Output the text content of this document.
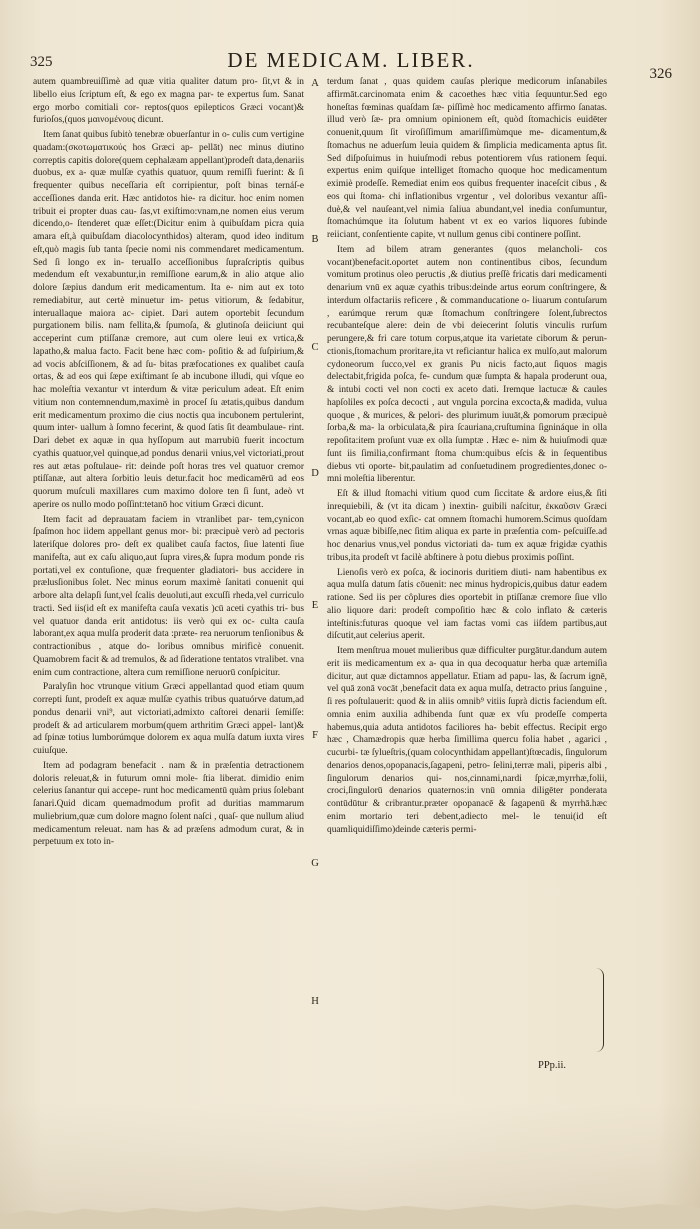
325	DE MEDICAM. LIBER.
326

autem quambreuiſſimè ad quæ vitia qualiter datum pro‑ ſit,vt & in libello eius ſcriptum eſt, & ego ex magna par‑ te expertus ſum. Sanat ergo morbo comitiali cor‑ reptos(quos epilepticos Græci vocant)& furioſos,(quos μαινομένους dicunt.

Item ſanat quibus ſubitò tenebræ obuerſantur in o‑ culis cum vertigine quadam:(σκοτωματικούς hos Græci ap‑ pellāt) nec minus diutino correptis capitis dolore(quem cephalæam appellant)prodeſt data,denariis duobus, ex a‑ quæ mulſæ cyathis quatuor, quum remiſſi fuerint: & ſi frequenter quibus neceſſaria eſt corripientur, poſt binas ternáſ‑e acceſſiones danda erit. Hæc antidotos hie‑ ra dicitur. hoc enim nomen tribuit ei propter duas cau‑ ſas,vt exiſtimo:vnam,ne nomen eius verum dicendo,o‑ ſtenderet quæ eſſet:(Dicitur enim à quibuſdam picra quia amara eſt,à quibuſdam diacolocynthidos) alteram, quod ideo inditum eſt,quò magis ſub tanta ſpecie nomi nis commendaret medicamentum. Sed ſi longo ex in‑ terualIo acceſſionibus ſupraſcriptis quibus medendum eſt vexabuntur,in remiſſione earum,& in alio atque alio dolore ſæpius dandum erit medicamentum. Ita e‑ nim aut ex toto remediabitur, aut certè minuetur im‑ petus vitiorum, & ſedabitur, interuallaque maiora ac‑ cipiet. Dari autem oportebit ſecundum purgationem bilis. nam fellita,& ſpumoſa, & glutinoſa deiiciunt qui acceperint cum ptiſſanæ cremore, aut cum olere leui ex vrtica,& lapatho,& malua facto. Facit bene hæc com‑ poſitio & ad ſuſpirium,& ad vocis abſciſſionem, & ad ſu‑ bitas præfocationes ex qualibet cauſa ortas, & ad eos qui ſæpe exiſtimant ſe ab incubone illudi, qui vſque eo hac moleſtia vexantur vt interdum & vitæ periculum adeat. Eſt enim vitium non contemnendum,maximè in proceſ ſu ætatis,quibus dandum erit medicamentum proximo die cius noctis qua incubonem pertulerint, quum inter‑ uallum à ſomno fecerint, & quod ſatis ſit deambulaue‑ rint. Dari debet ex aquæ in qua hyſſopum aut marrubiū fuerit incoctum cyathis quatuor,vel quinque,ad pondus denarii vnius,vel victoriati,prout res aut ætas poſtulaue‑ rit: deinde poſt horas tres vel quatuor cremor ptiſſanæ, aut altera ſorbitio leuis detur.facit hoc medicamērū ad eos quorum muſculi maxillares cum maximo dolore ten ſi ſunt, adeò vt aperire os nullo modo poſſint:tetanō hoc vitium Græci dicunt.

Item facit ad deprauatam faciem in vtranlibet par‑ tem,cynicon ſpaſmon hoc iidem appellant genus mor‑ bi: præcipuè verò ad pectoris lateriſque dolores pro‑ deſt ex qualibet cauſa factos, ſiue latenti ſiue manifeſta, aut ex caſu aliquo,aut ſupra vires,& ſupra modum ponde ris portati,vel ex contuſione, quæ frequenter gladiatori‑ bus accidere in prælusſionibus ſolet. Nec minus eorum maximè ſanitati conuenit qui arbore alta delapſi ſunt,vel ſcalis deuoluti,aut excuſſi rheda,vel curriculo tracti. Sed iis(id eſt ex manifeſta cauſa vexatis )cū aceti cyathis tri‑ bus vel quatuor danda erit antidotus: iis verò qui ex oc‑ culta cauſa laborant,ex aqua mulſa proderit data :præte‑ rea neruorum tenſionibus & contractionibus , atque do‑ loribus omnibus mirificè conuenit. Quamobrem facit & ad tremulos, & ad ſideratione tentatos vtralibet. vna enim cum contractione, altera cum remiſſione neruorū conſpicitur.

Paralyſin hoc vtrunque vitium Græci appellantad quod etiam quum correpti ſunt, prodeſt ex aquæ mulſæ cyathis tribus quatuórve datum,ad pondus denarii vni⁹, aut victoriati,admixto caſtorei denarii ſemiſſe: prodeſt & ad articularem morbum(quem arthritim Græci appel‑ lant)& ad ſpinæ totius lumborúmque dolorem ex aqua mulſa datum iuxta vires cuiuſque.

Item ad podagram benefacit . nam & in præſentia detractionem doloris releuat,& in futurum omni mole‑ ſtia liberat. dimidio enim celerius ſanantur qui accepe‑ runt hoc medicamentū quàm prius ſolebant ſanari.Quid dicam quemadmodum profit ad duritias mammarum muliebrium,quæ cum dolore magno ſolent naſci , quaſ‑ que nullum aliud medicamentum releuat. nam has & ad præſens admodum curat, & in perpetuum ex toto in‑

A
B
C
D
E
F
G
H

terdum ſanat , quas quidem cauſas plerique medicorum inſanabiles affirmāt.carcinomata enim & cacoethes hæc vitia ſequuntur.Sed ego honeſtas fœminas quaſdam ſæ‑ piſſimè hoc medicamento affirmo ſanatas. illud verò ſæ‑ pra omnium opinionem eſt, quòd ſtomachicis euidēter conuenit,quum ſit viroſiſſimum amariſſimùmque me‑ dicamentum,& ſtomachus ne aduerſum leuia quidem & ſimplicia medicamenta aptus ſit. Sed diſpoſuimus in huiuſmodi rebus potentiorem vſus rationem ſequi. expertus enim quiſque intelliget ſtomacho quoque hoc medicamentum eximiè prodeſſe. Remediat enim eos quibus frequenter inaceſcit cibus , & eos qui ſtoma‑ chi inflationibus vrgentur , vel doloribus vexantur aſſi‑ duè,& vel nauſeant,vel nimia ſaliua abundant,vel inedia conſumuntur, ſtomachúmque ita ſolutum habent vt ex eo varios liquores ſubinde reiiciant, conſentiente capite, vt nullum genus cibi continere poſſint.

Item ad bilem atram generantes (quos melancholi‑ cos vocant)benefacit.oportet autem non continentibus cibos, ſecundum vomitum protinus oleo peructis ,& diutius preſſè fricatis dari medicamenti denarium vnū ex aquæ cyathis tribus:deinde artus eorum conſtringere, & interdum olfactariis reficere , & commanducatione o‑ liuarum contuſarum , earúmque rerum quæ ſtomachum conſtringere ſolent,ſubrectos recubanteſque alere: dein de vbi deiecerint ſolutis vinculis rurſum perungere,& fri care totum corpus,atque ita varietate ciborum & perun‑ ctionis,ſtomachum proritare,ita vt reficiantur halica ex mulſo,aut malorum cydoneorum ſucco,vel ex granis Pu nicis facto,aut ſiquos magis delectabit,frigida poſca, fe‑ cundum quæ ſumpta & hapala proderunt oua, & intubi cocti vel non cocti ex aceto dati. Iremque lactucæ & caules hapſoliles ex poſca decocti , aut vngula porcina excocta,& madida, vulua quoque , & murices, & pelori‑ des plurimum iuuāt,& pomorum præcipuè ſorba,& ma‑ la orbiculata,& pira ſcauriana,cruſtumina ſignináque in olla repoſita:item proſunt vuæ ex olla ſumptæ . Hæc e‑ nim & huiuſmodi quæ ſunt iis ſimilia,confirmant ſtoma chum:quibus eſcis & in ſequentibus diebus vti oporte‑ bit,paulatim ad conſuetudinem progredientes,donec o‑ mni moleſtia liberentur.

Eſt & illud ſtomachi vitium quod cum ſiccitate & ardore eius,& ſiti inrequiebili, & (vt ita dicam ) inextin‑ guibili naſcitur, ἐκκαῦσιν Græci vocant,ab eo quod exſic‑ cat omnem ſtomachi humorem.Scimus quoſdam vrnas aquæ bibiſſe,nec ſitim aliqua ex parte in præſentia com‑ peſcuiſſe.ad hoc denarius vnus,vel pondus victoriati da‑ tum ex aquæ frigidæ cyathis tribus,ita prodeſt vt facilè abſtinere à potu diebus proximis poſſint.

Lienoſis verò ex poſca, & iocinoris duritiem diuti‑ nam habentibus ex aqua mulſa datum ſatis cōuenit: nec minus hydropicis,quibus datur eadem ratione. Sed iis per côplures dies oportebit in ptiſſanæ cremore ſiue vllo alio liquore dari: prodeſt compoſitio hæc & colo inflato & cæteris inteſtinis:futuras quoque vel iam factas vomi cas iiſdem partibus,aut diſcutit,aut celerius aperit.

Item menſtrua mouet mulieribus quæ difficulter purgātur.dandum autem erit iis medicamentum ex a‑ qua in qua decoquatur herba quæ artemiſia dicitur, aut quæ dictamnos appellatur. Etiam ad papu‑ las, & ſacrum ignē, vel quā zonā vocāt ,benefacit data ex aqua mulſa, detracto prius ſanguine , ſi res poſtulauerit: quod & in aliis omnib⁹ vitiis ſuprà dictis faciendum eſt. omnia enim auxilia adhibenda ſunt quæ ex vſu prodeſſe comperta habemus,quia aduta antidotos faciliores ha‑ bebit effectus. Recipit ergo hæc , Chamædropis quæ herba ſimillima quercu folia habet , agarici , cucurbi‑ tæ ſylueſtris,(quam colocynthidam appellant)ſtœcadis, ſingulorum denarios denos,opopanacis,ſagapeni, petro‑ ſelini,terræ mali, piperis albi , ſingulorum denarios qui‑ nos,cinnami,nardi ſpicæ,myrrhæ,folii, croci,ſingulorū denarios quaternos:in vnū omnia diligēter ponderata contūdūtur & cribrantur.præter opopanacē & ſagapenū & myrrhā.hæc enim mortario teri debent,adiecto mel‑ le tenui(id eſt quamliquidiſſimo)deinde cæteris permi‑

PPp.ii.
